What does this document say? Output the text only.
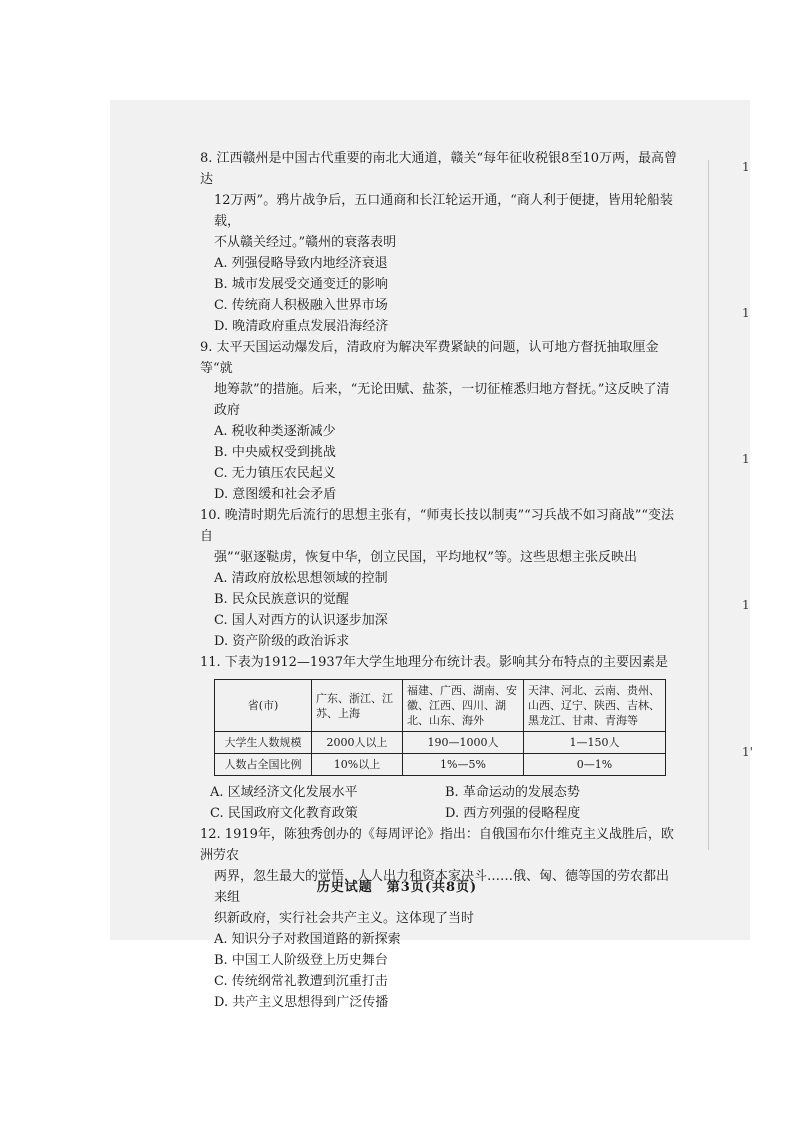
1
1
1
1
1'
8. 江西赣州是中国古代重要的南北大通道，赣关“每年征收税银8至10万两，最高曾达
12万两”。鸦片战争后，五口通商和长江轮运开通，“商人利于便捷，皆用轮船装载，
不从赣关经过。”赣州的衰落表明
A. 列强侵略导致内地经济衰退
B. 城市发展受交通变迁的影响
C. 传统商人积极融入世界市场
D. 晚清政府重点发展沿海经济
9. 太平天国运动爆发后，清政府为解决军费紧缺的问题，认可地方督抚抽取厘金等“就
地筹款”的措施。后来，“无论田赋、盐茶，一切征榷悉归地方督抚。”这反映了清政府
A. 税收种类逐渐减少
B. 中央威权受到挑战
C. 无力镇压农民起义
D. 意图缓和社会矛盾
10. 晚清时期先后流行的思想主张有，“师夷长技以制夷”“习兵战不如习商战”“变法自
强”“驱逐鞑虏，恢复中华，创立民国，平均地权”等。这些思想主张反映出
A. 清政府放松思想领域的控制
B. 民众民族意识的觉醒
C. 国人对西方的认识逐步加深
D. 资产阶级的政治诉求
11. 下表为1912—1937年大学生地理分布统计表。影响其分布特点的主要因素是
省(市)	广东、浙江、江苏、上海	福建、广西、湖南、安徽、江西、四川、湖北、山东、海外	天津、河北、云南、贵州、山西、辽宁、陕西、吉林、黑龙江、甘肃、青海等
大学生人数规模	2000人以上	190—1000人	1—150人
人数占全国比例	10%以上	1%—5%	0—1%
A. 区域经济文化发展水平	B. 革命运动的发展态势
C. 民国政府文化教育政策	D. 西方列强的侵略程度
12. 1919年，陈独秀创办的《每周评论》指出：自俄国布尔什维克主义战胜后，欧洲劳农
两界，忽生最大的觉悟，人人出力和资本家决斗……俄、匈、德等国的劳农都出来组
织新政府，实行社会共产主义。这体现了当时
A. 知识分子对救国道路的新探索
B. 中国工人阶级登上历史舞台
C. 传统纲常礼教遭到沉重打击
D. 共产主义思想得到广泛传播
历史试题　第3页(共8页)
